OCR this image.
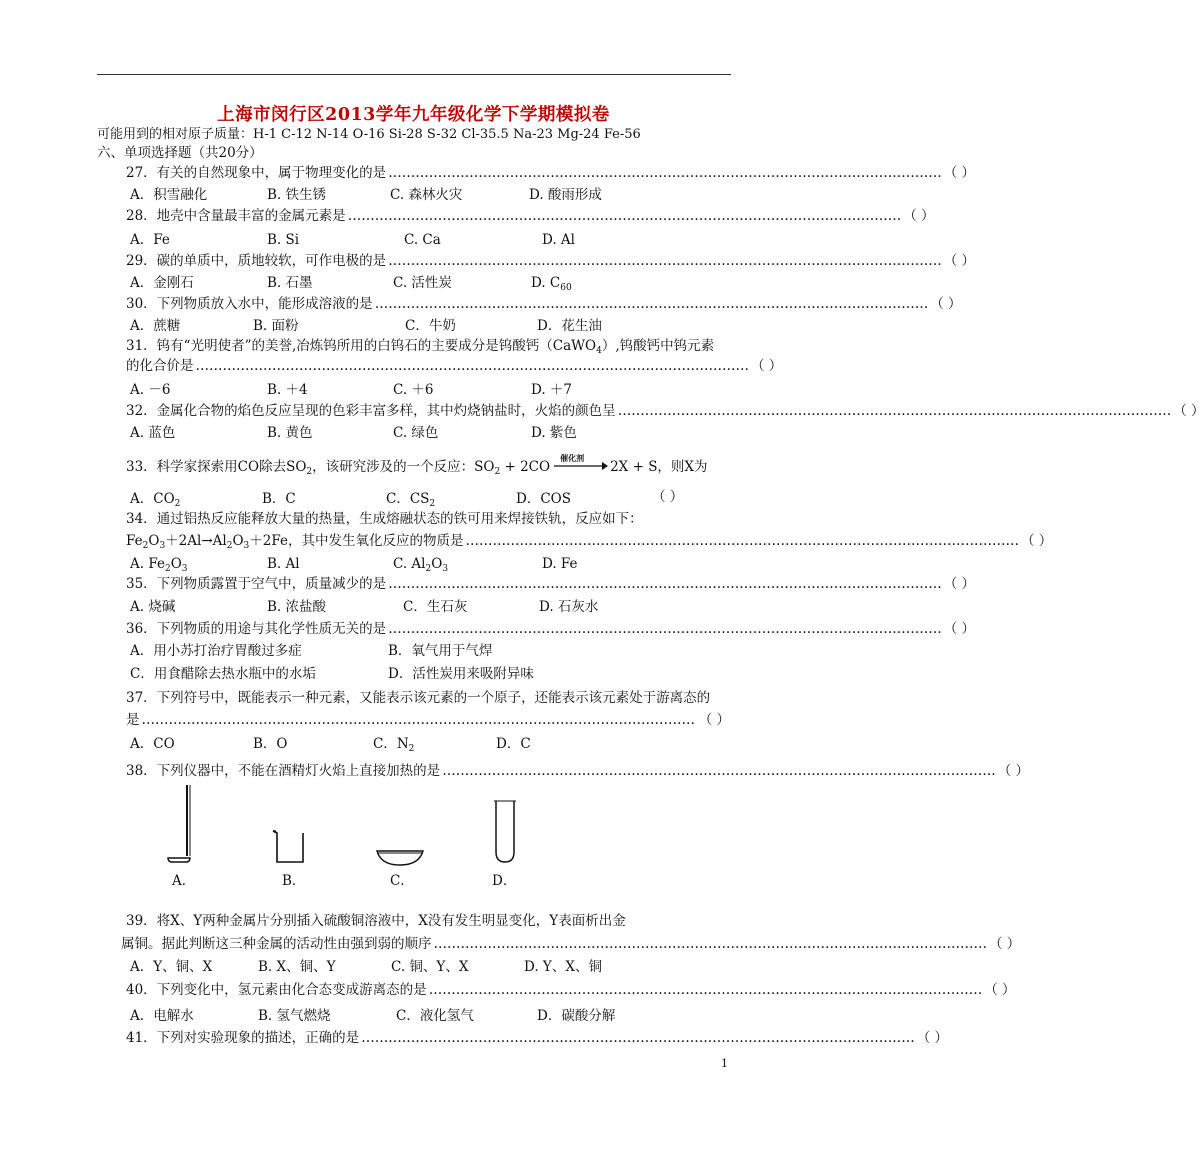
上海市闵行区2013学年九年级化学下学期模拟卷
可能用到的相对原子质量：H-1 C-12 N-14 O-16 Si-28 S-32 Cl-35.5 Na-23 Mg-24 Fe-56
六、单项选择题（共20分）
27．有关的自然现象中，属于物理变化的是 …………………………………………………………………………………………………………… （ ）
A．积雪融化	B. 铁生锈	C. 森林火灾	D. 酸雨形成
28．地壳中含量最丰富的金属元素是 …………………………………………………………………………………………………………… （ ）
A．Fe	B. Si	C. Ca	D. Al
29．碳的单质中，质地较软，可作电极的是 …………………………………………………………………………………………………………… （ ）
A．金刚石	B. 石墨	C. 活性炭	D. $C_{60}$
30．下列物质放入水中，能形成溶液的是 …………………………………………………………………………………………………………… （ ）
A．蔗糖	B. 面粉	C．牛奶	D．花生油
31．钨有“光明使者”的美誉,冶炼钨所用的白钨石的主要成分是钨酸钙（CaWO$_4$）,钨酸钙中钨元素
的化合价是 …………………………………………………………………………………………………………… （ ）
A. －6	B. ＋4	C. ＋6	D. ＋7
32．金属化合物的焰色反应呈现的色彩丰富多样，其中灼烧钠盐时，火焰的颜色呈 …………………………………………………………………………………………………………… （ ）
A. 蓝色	B. 黄色	C. 绿色	D. 紫色
33．科学家探索用CO除去$SO_2$，该研究涉及的一个反应：$SO_2 + 2CO$
催化剂
2X + S，则X为
A．$CO_2$	B．C	C．$CS_2$	D．COS	（ ）
34．通过铝热反应能释放大量的热量，生成熔融状态的铁可用来焊接铁轨，反应如下：
$Fe_2O_3+2Al\to Al_2O_3+2Fe$，其中发生氧化反应的物质是 …………………………………………………………………………………………………………… （ ）
A. $Fe_2O_3$	B. Al	C. $Al_2O_3$	D. Fe
35．下列物质露置于空气中，质量减少的是 …………………………………………………………………………………………………………… （ ）
A. 烧碱	B. 浓盐酸	C．生石灰	D. 石灰水
36．下列物质的用途与其化学性质无关的是 …………………………………………………………………………………………………………… （ ）
A．用小苏打治疗胃酸过多症	B．氧气用于气焊
C．用食醋除去热水瓶中的水垢	D．活性炭用来吸附异味
37．下列符号中，既能表示一种元素，又能表示该元素的一个原子，还能表示该元素处于游离态的
是 …………………………………………………………………………………………………………… （ ）
A．CO	B．O	C．$N_2$	D．C
38．下列仪器中，不能在酒精灯火焰上直接加热的是 …………………………………………………………………………………………………………… （ ）
A．	B．	C．	D．
39．将X、Y两种金属片分别插入硫酸铜溶液中，X没有发生明显变化，Y表面析出金
属铜。据此判断这三种金属的活动性由强到弱的顺序 …………………………………………………………………………………………………………… （ ）
A．Y、铜、X	B. X、铜、Y	C. 铜、Y、X	D. Y、X、铜
40．下列变化中，氢元素由化合态变成游离态的是 …………………………………………………………………………………………………………… （ ）
A．电解水	B. 氢气燃烧	C．液化氢气	D．碳酸分解
41．下列对实验现象的描述，正确的是 …………………………………………………………………………………………………………… （ ）
1
